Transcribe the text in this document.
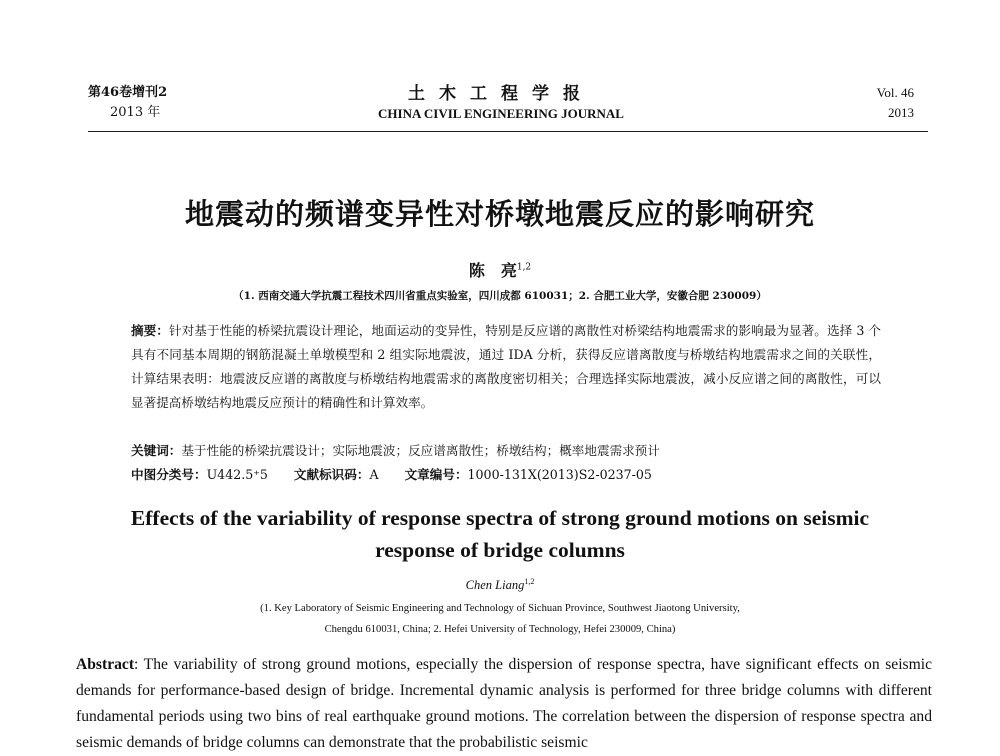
第46卷增刊2
2013 年
土木工程学报
CHINA CIVIL ENGINEERING JOURNAL
Vol. 46
2013
地震动的频谱变异性对桥墩地震反应的影响研究
陈　亮$^{1,2}$
（1. 西南交通大学抗震工程技术四川省重点实验室，四川成都 610031；2. 合肥工业大学，安徽合肥 230009）
摘要：针对基于性能的桥梁抗震设计理论，地面运动的变异性，特别是反应谱的离散性对桥梁结构地震需求的影响最为显著。选择 3 个具有不同基本周期的钢筋混凝土单墩模型和 2 组实际地震波，通过 IDA 分析，获得反应谱离散度与桥墩结构地震需求之间的关联性，计算结果表明：地震波反应谱的离散度与桥墩结构地震需求的离散度密切相关；合理选择实际地震波，减小反应谱之间的离散性，可以显著提高桥墩结构地震反应预计的精确性和计算效率。
关键词：基于性能的桥梁抗震设计；实际地震波；反应谱离散性；桥墩结构；概率地震需求预计
中图分类号：U442.5⁺5 文献标识码：A 文章编号：1000-131X(2013)S2-0237-05
Effects of the variability of response spectra of strong ground motions on seismic response of bridge columns
Chen Liang$^{1,2}$
(1. Key Laboratory of Seismic Engineering and Technology of Sichuan Province, Southwest Jiaotong University,
Chengdu 610031, China; 2. Hefei University of Technology, Hefei 230009, China)
Abstract: The variability of strong ground motions, especially the dispersion of response spectra, have significant effects on seismic demands for performance-based design of bridge. Incremental dynamic analysis is performed for three bridge columns with different fundamental periods using two bins of real earthquake ground motions. The correlation between the dispersion of response spectra and seismic demands of bridge columns can demonstrate that the probabilistic seismic
